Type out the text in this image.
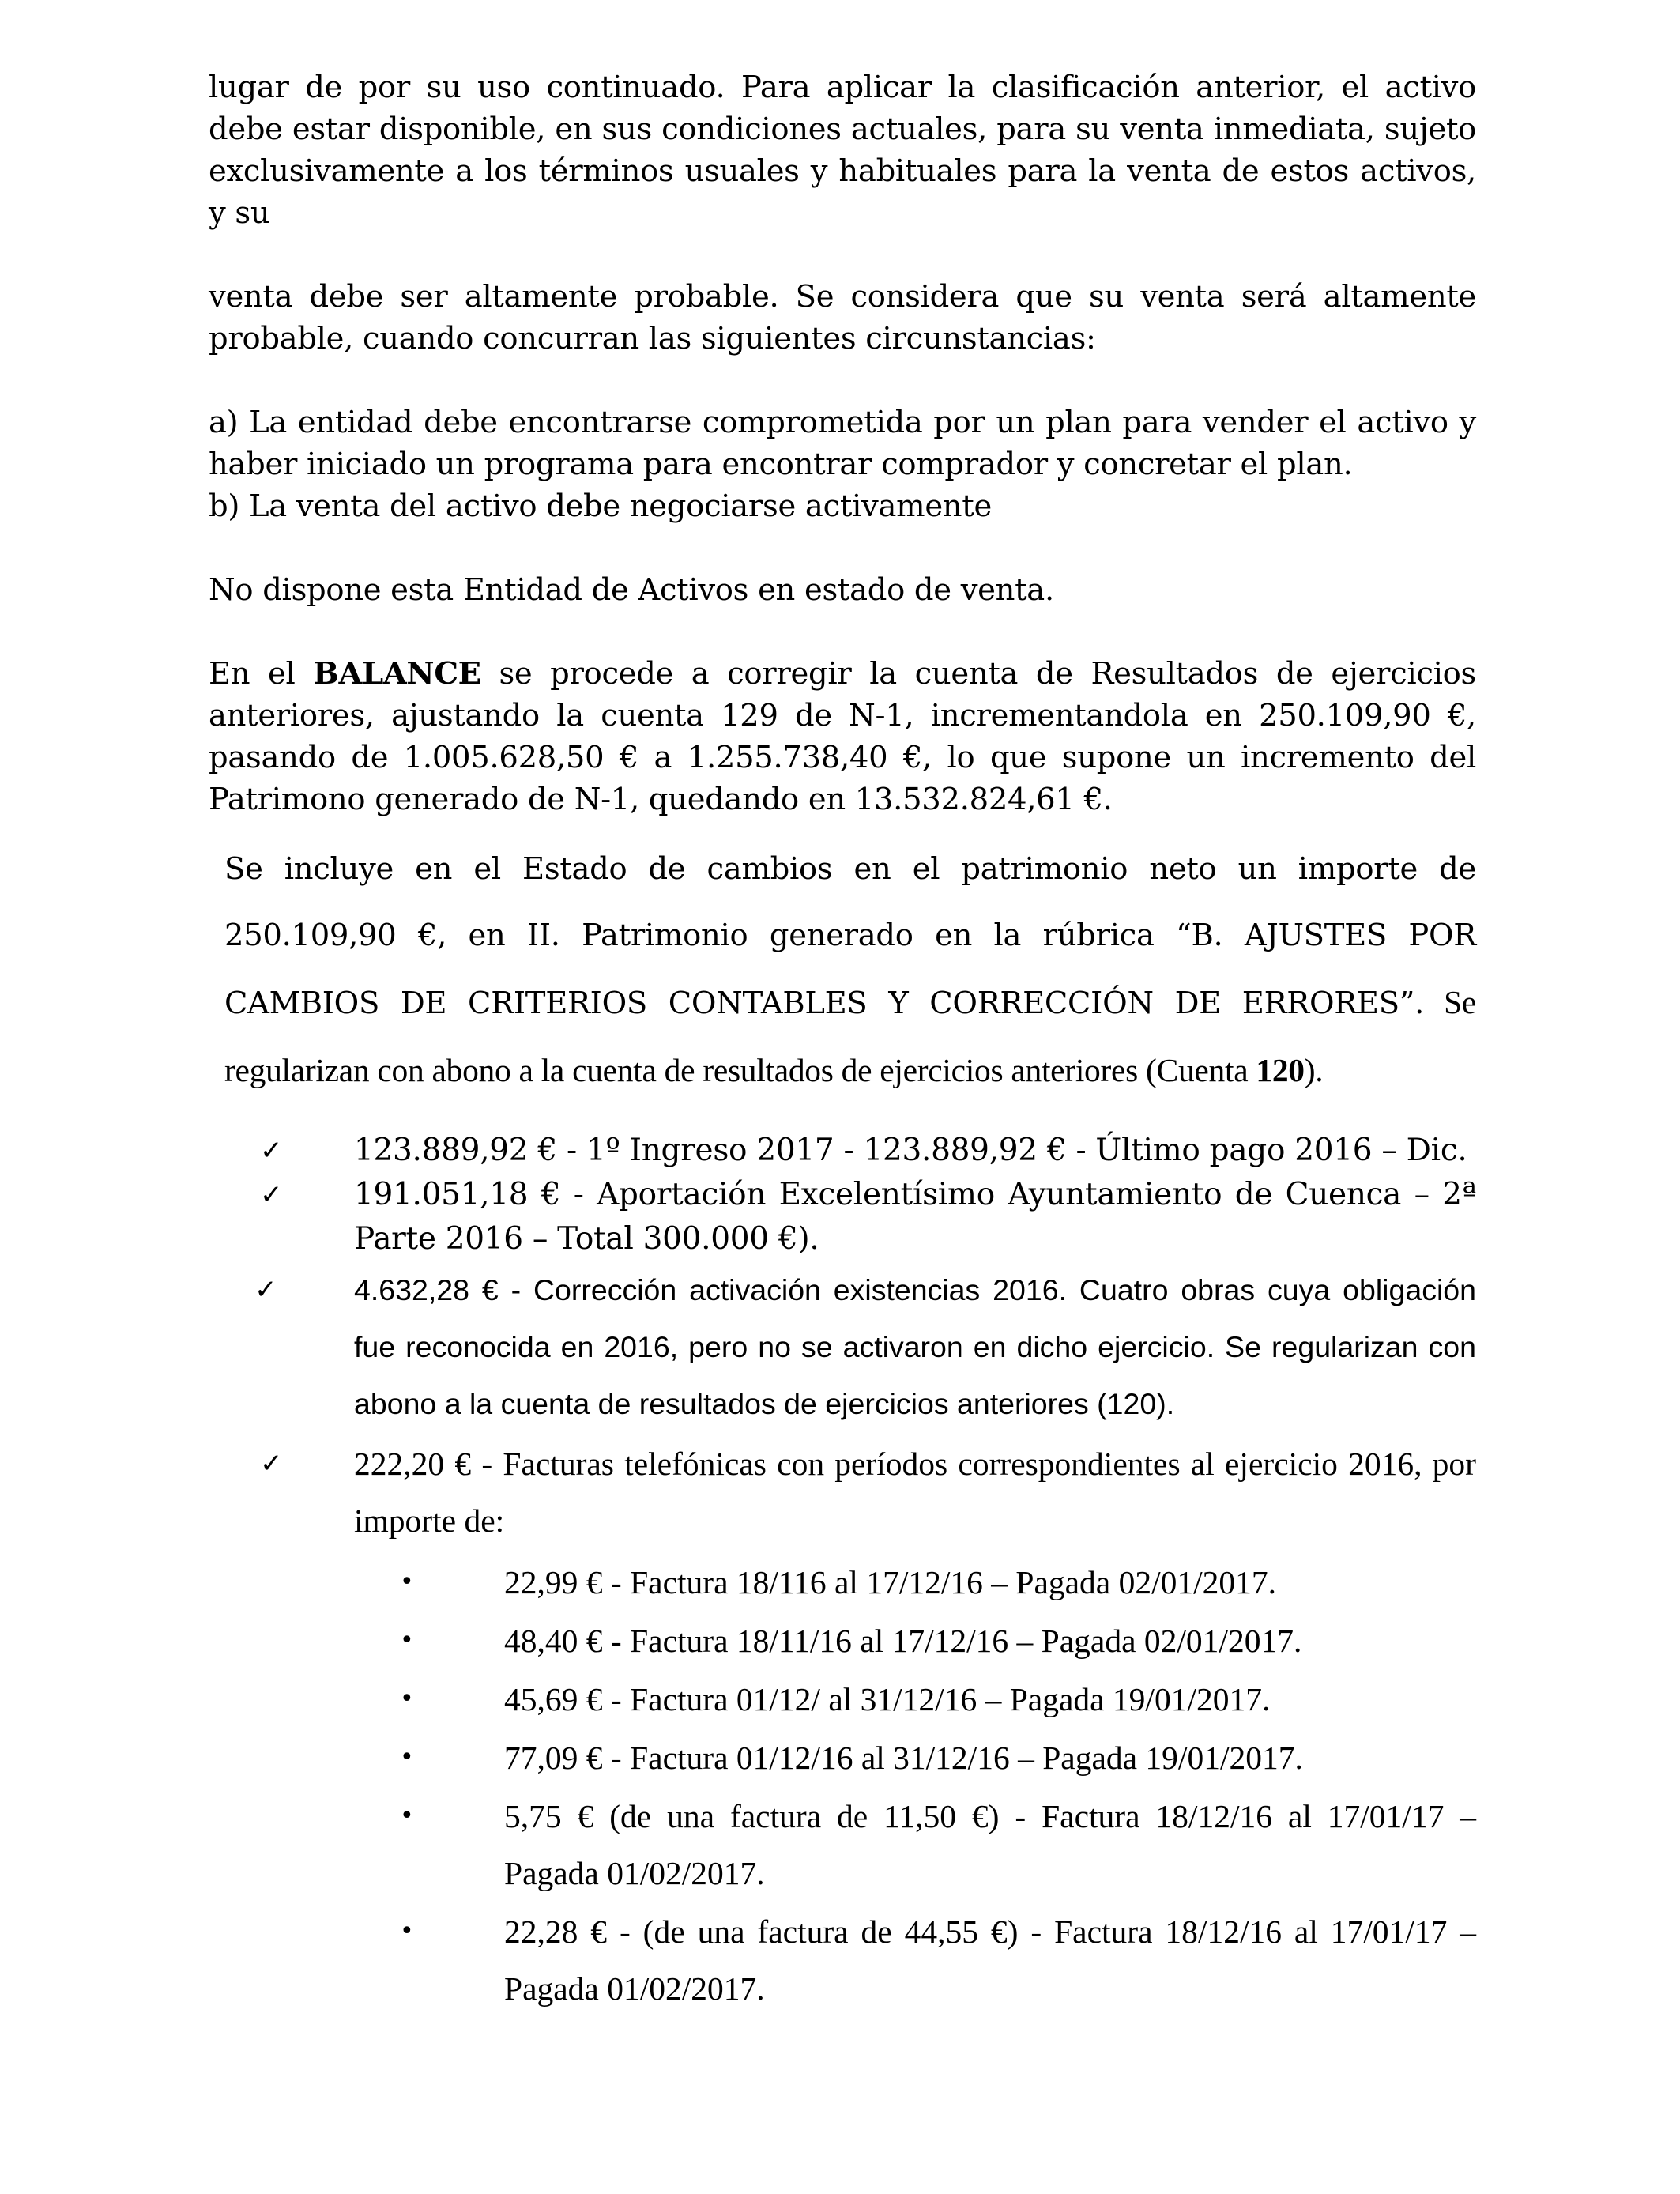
lugar de por su uso continuado. Para aplicar la clasificación anterior, el activo debe estar disponible, en sus condiciones actuales, para su venta inmediata, sujeto exclusivamente a los términos usuales y habituales para la venta de estos activos, y su

venta debe ser altamente probable. Se considera que su venta será altamente probable, cuando concurran las siguientes circunstancias:

a) La entidad debe encontrarse comprometida por un plan para vender el activo y haber iniciado un programa para encontrar comprador y concretar el plan.

b) La venta del activo debe negociarse activamente

No dispone esta Entidad de Activos en estado de venta.

En el BALANCE se procede a corregir la cuenta de Resultados de ejercicios anteriores, ajustando la cuenta 129 de N-1, incrementandola en 250.109,90 €, pasando de 1.005.628,50 € a 1.255.738,40 €, lo que supone un incremento del Patrimono generado de N-1, quedando en 13.532.824,61 €.

Se incluye en el Estado de cambios en el patrimonio neto un importe de 250.109,90 €, en II. Patrimonio generado en la rúbrica “B. AJUSTES POR CAMBIOS DE CRITERIOS CONTABLES Y CORRECCIÓN DE ERRORES”. Se regularizan con abono a la cuenta de resultados de ejercicios anteriores (Cuenta 120).

✓ 123.889,92 € - 1º Ingreso 2017 - 123.889,92 € - Último pago 2016 – Dic.

✓ 191.051,18 € - Aportación Excelentísimo Ayuntamiento de Cuenca – 2ª Parte 2016 – Total 300.000 €).

✓	4.632,28 € - Corrección activación existencias 2016. Cuatro obras cuya obligación fue reconocida en 2016, pero no se activaron en dicho ejercicio. Se regularizan con abono a la cuenta de resultados de ejercicios anteriores (120).

✓ 222,20 € - Facturas telefónicas con períodos correspondientes al ejercicio 2016, por importe de:

•	22,99 € - Factura 18/116 al 17/12/16 – Pagada 02/01/2017.

•	48,40 € - Factura 18/11/16 al 17/12/16 – Pagada 02/01/2017.

•	45,69 € - Factura 01/12/ al 31/12/16 – Pagada 19/01/2017.

•	77,09 € - Factura 01/12/16 al 31/12/16 – Pagada 19/01/2017.

•	5,75 € (de una factura de 11,50 €) - Factura 18/12/16 al 17/01/17 – Pagada 01/02/2017.

•	22,28 € - (de una factura de 44,55 €) - Factura 18/12/16 al 17/01/17 – Pagada 01/02/2017.
